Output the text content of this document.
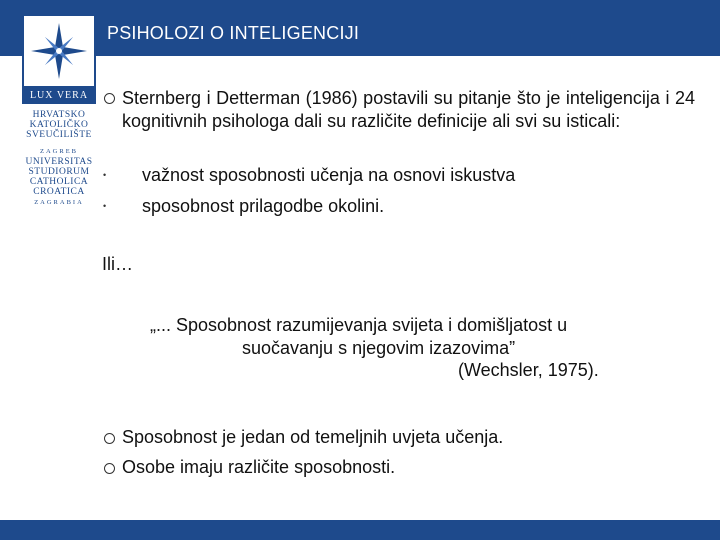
PSIHOLOZI O INTELIGENCIJI
LUX VERA
HRVATSKO
KATOLIČKO
SVEUČILIŠTE
ZAGREB
UNIVERSITAS
STUDIORUM
CATHOLICA
CROATICA
ZAGRABIA
Sternberg i Detterman (1986) postavili su pitanje što je inteligencija i 24 kognitivnih psihologa dali su različite definicije ali svi su isticali:
• važnost sposobnosti učenja na osnovi iskustva
• sposobnost prilagodbe okolini.
Ili…
„... Sposobnost razumijevanja svijeta i domišljatost u
suočavanju s njegovim izazovima”
(Wechsler, 1975).
Sposobnost je jedan od temeljnih uvjeta učenja.
Osobe imaju različite sposobnosti.
